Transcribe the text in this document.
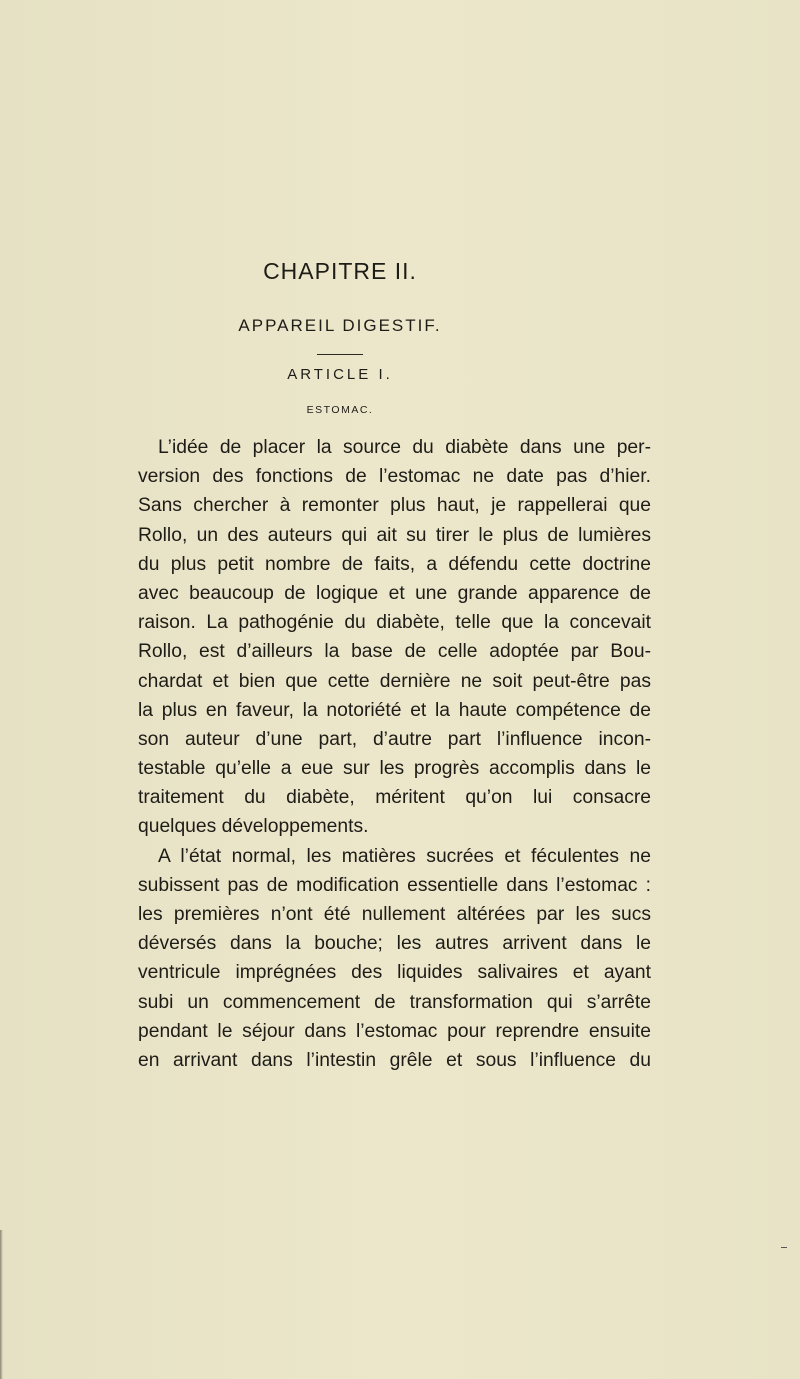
CHAPITRE II.
APPAREIL DIGESTIF.
ARTICLE I.
ESTOMAC.
L’idée de placer la source du diabète dans une per-
version des fonctions de l’estomac ne date pas d’hier.
Sans chercher à remonter plus haut, je rappellerai que
Rollo, un des auteurs qui ait su tirer le plus de lumières
du plus petit nombre de faits, a défendu cette doctrine
avec beaucoup de logique et une grande apparence de
raison. La pathogénie du diabète, telle que la concevait
Rollo, est d’ailleurs la base de celle adoptée par Bou-
chardat et bien que cette dernière ne soit peut-être pas
la plus en faveur, la notoriété et la haute compétence de
son auteur d’une part, d’autre part l’influence incon-
testable qu’elle a eue sur les progrès accomplis dans le
traitement du diabète, méritent qu’on lui consacre
quelques développements.
A l’état normal, les matières sucrées et féculentes ne
subissent pas de modification essentielle dans l’estomac :
les premières n’ont été nullement altérées par les sucs
déversés dans la bouche; les autres arrivent dans le
ventricule imprégnées des liquides salivaires et ayant
subi un commencement de transformation qui s’arrête
pendant le séjour dans l’estomac pour reprendre ensuite
en arrivant dans l’intestin grêle et sous l’influence du
